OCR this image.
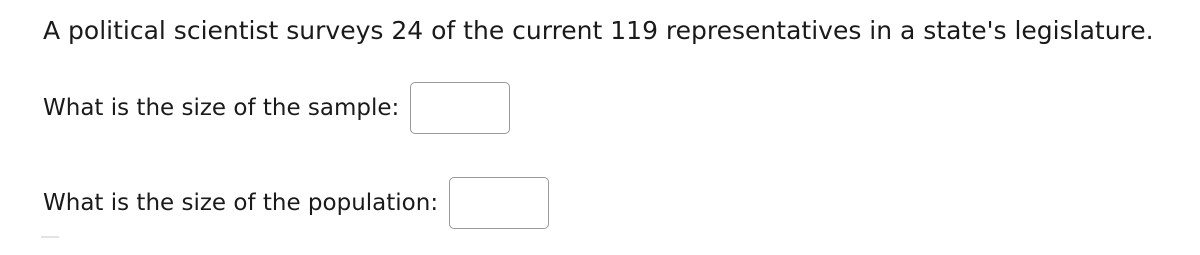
A political scientist surveys 24 of the current 119 representatives in a state's legislature.
What is the size of the sample:
What is the size of the population:
